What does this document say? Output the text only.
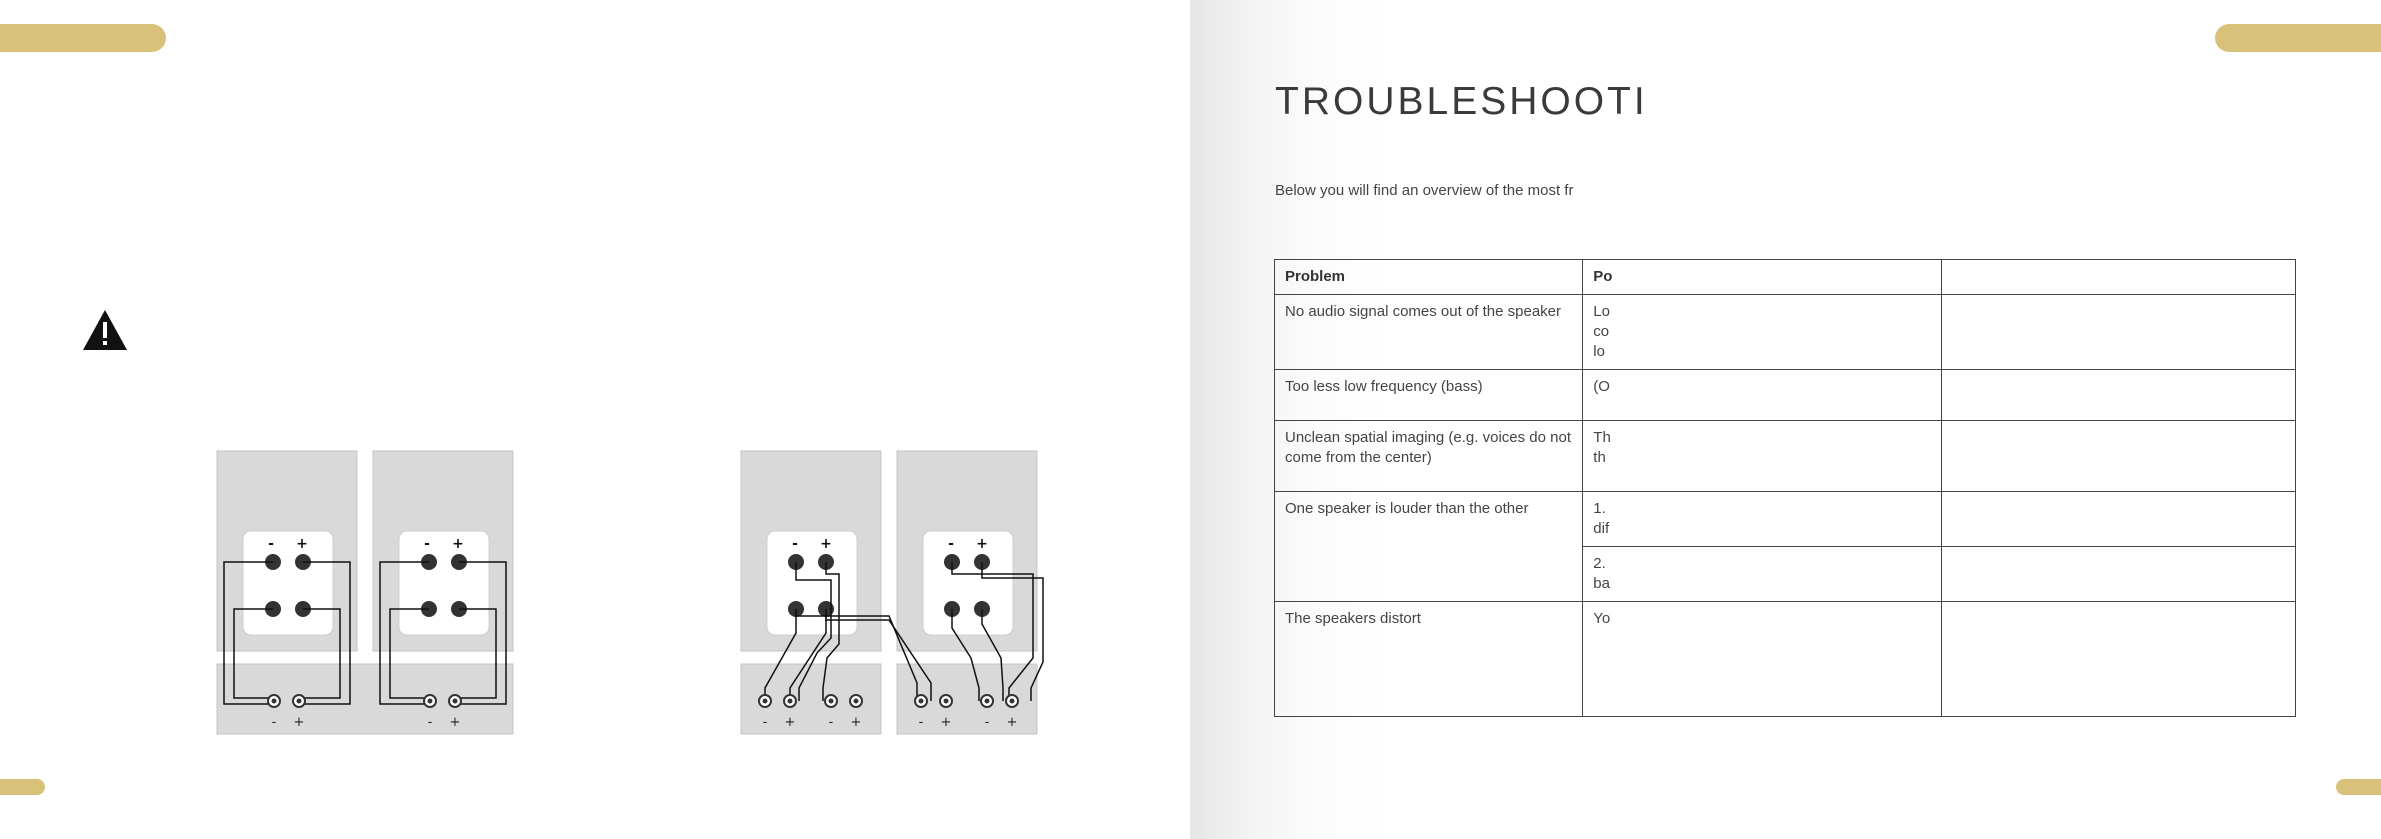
- +	- +
- +	- +
- +	- +
- +	- +	- +	- +
TROUBLESHOOTI
Below you will find an overview of the most fr
Problem	Po	
No audio signal comes out of the speaker	Lo
co
lo	
Too less low frequency (bass)	(O	
Unclean spatial imaging (e.g. voices do not come from the center)	Th
th	
One speaker is louder than the other	1.
dif	
	2.
ba	
The speakers distort	Yo	
